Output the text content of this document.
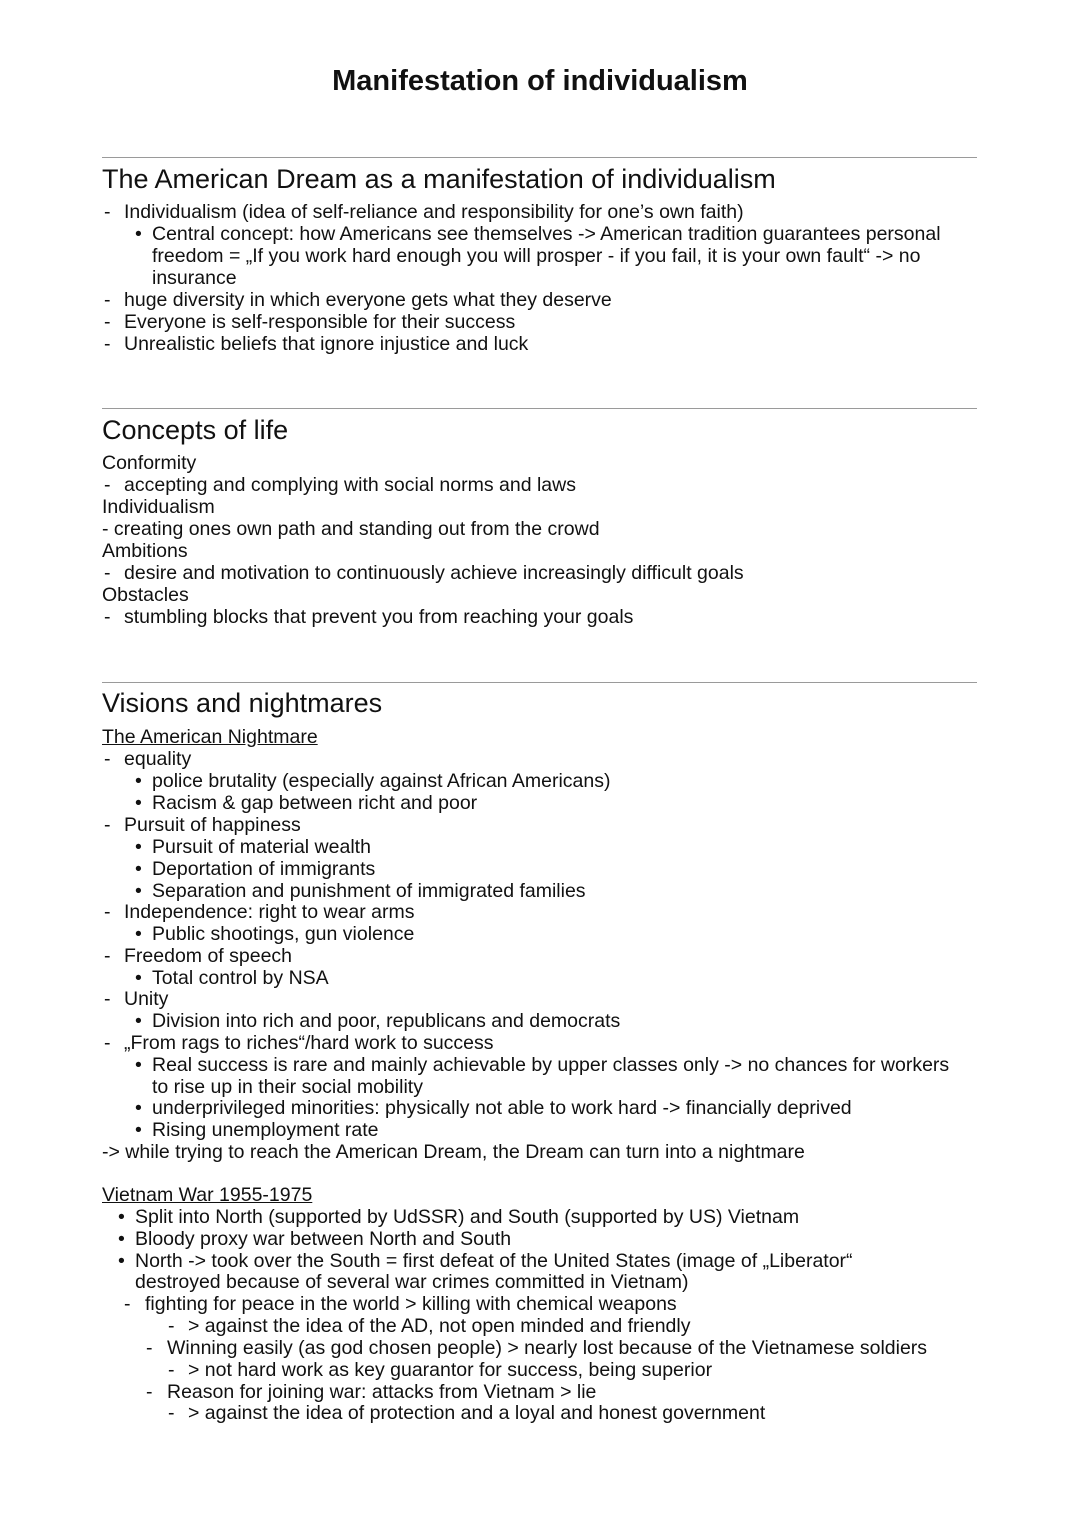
Manifestation of individualism
The American Dream as a manifestation of individualism
- Individualism (idea of self-reliance and responsibility for one’s own faith)
• Central concept: how Americans see themselves -> American tradition guarantees personal
freedom = „If you work hard enough you will prosper - if you fail, it is your own fault“ -> no
insurance
- huge diversity in which everyone gets what they deserve
- Everyone is self-responsible for their success
- Unrealistic beliefs that ignore injustice and luck
Concepts of life
Conformity
- accepting and complying with social norms and laws
Individualism
- creating ones own path and standing out from the crowd
Ambitions
- desire and motivation to continuously achieve increasingly difficult goals
Obstacles
- stumbling blocks that prevent you from reaching your goals
Visions and nightmares
The American Nightmare
- equality
• police brutality (especially against African Americans)
• Racism & gap between richt and poor
- Pursuit of happiness
• Pursuit of material wealth
• Deportation of immigrants
• Separation and punishment of immigrated families
- Independence: right to wear arms
• Public shootings, gun violence
- Freedom of speech
• Total control by NSA
- Unity
• Division into rich and poor, republicans and democrats
- „From rags to riches“/hard work to success
• Real success is rare and mainly achievable by upper classes only -> no chances for workers
to rise up in their social mobility
• underprivileged minorities: physically not able to work hard -> financially deprived
• Rising unemployment rate
-> while trying to reach the American Dream, the Dream can turn into a nightmare
Vietnam War 1955-1975
• Split into North (supported by UdSSR) and South (supported by US) Vietnam
• Bloody proxy war between North and South
• North -> took over the South = first defeat of the United States (image of „Liberator“
destroyed because of several war crimes committed in Vietnam)
- fighting for peace in the world > killing with chemical weapons
- > against the idea of the AD, not open minded and friendly
- Winning easily (as god chosen people) > nearly lost because of the Vietnamese soldiers
- > not hard work as key guarantor for success, being superior
- Reason for joining war: attacks from Vietnam > lie
- > against the idea of protection and a loyal and honest government
